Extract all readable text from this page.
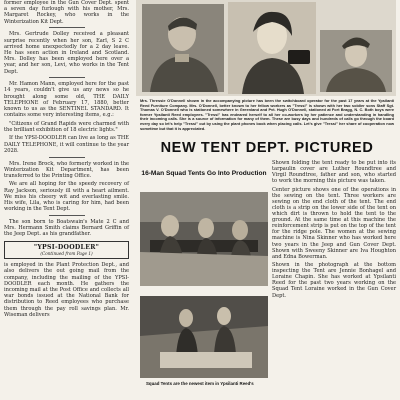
former employee in the Gun Cover Dept. spent a seven day furlough with his mother, Mrs. Margaret Rockey, who works in the Winterization Kit Dept.

Mrs. Gertrude Dolley received a pleasant surprise recently when her son, Earl, S 2 C arrived home unexpectedly for a 2 day leave. He has seen action in Ireland and Scotland. Mrs. Dolley has been employed here over a year, and her son, Levi, who works in the Tent Dept.

Mr. Hamon Mann, employed here for the past 14 years, couldn't give us any news so he brought along some old, THE DAILY TELEPHONE of February 17, 1880, better known to us as the SENTINEL STANDARD. It contains some very interesting items, e.g.:

"Citizens of Grand Rapids were charmed with the brilliant exhibition of 18 electric lights."

If the YPSI-DOODLER can live as long as THE DAILY TELEPHONE, it will continue to the year 2028.

Mrs. Irene Brock, who formerly worked in the Winterization Kit Department, has been transferred to the Printing Office.

We are all hoping for the speedy recovery of Ray Jackson, seriously ill with a heart ailment. We miss his cheery wit and everlasting smile. His wife, Lila, who is caring for him, had been working in the Tent Dept.

The son born to Boatswain's Mate 2 C and Mrs. Hermann Smith claims Bernard Griffin of the Jeep Dept. as his grandfather.

"YPSI-DOODLER"
(Continued from Page 1)

is employed in the Plant Protection Dept., and also delivers the out going mail from the company, including the mailing of the YPSI-DOODLER each month. He gathers the incoming mail at the Post Office and collects all war bonds issued at the National Bank for distribution to Reed employees who purchase them through the pay roll savings plan. Mr. Wiseman delivers

Mrs. Thressie O'Donnell shown in the accompanying picture has been the switchboard operator for the past 17 years at the Ypsilanti Reed Furniture Company. Mrs. O'Donnell, better known to her fellow workers as "Tressi" is shown with her two soldier sons Staff Sgt. Thomas V. O'Donnell who is stationed somewhere in Greenland and Pvt. Hugh O'Donnell, stationed at Fort Bragg, N. C. Both boys were former Ypsilanti Reed employees. "Tressi" has endeared herself to all her co-workers by her patience and understanding in handling their incoming calls. She is a source of information for many of them. These are busy days and hundreds of calls go through the board every day so let's help "Tressi" out by using the plant phones book when placing calls. Let's give "Tressi" her share of cooperation now sometime but that it is appreciated.
NEW TENT DEPT. PICTURED
16-Man Squad Tents Go Into Production
Squad Tents are the newest item in Ypsilanti Reed's

Shown folding the tent ready to be put into its tarpaulin cover are Luther Roundtree and Virgil Roundtree, father and son, who started to work the morning this picture was taken.

Center picture shows one of the operations in the sewing on the tent. Three workers are sewing on the end cloth of the tent. The end cloth is a strip on the lower side of the tent on which dirt is thrown to hold the tent to the ground. At the same time at this machine the reinforcement strip is put on the top of the tent for the ridge pole. The women at the sewing machine is Nina Skinner who has worked here two years in the Jeep and Gun Cover Dept. Shown with Sweeny Skinner are Iva Houghton and Edna Bowerman.

Shown in the photograph at the bottom inspecting the Tent are Jennie Bonhagel and Loraine Chapin. She has worked at Ypsilanti Reed for the past two years working on the Squad Tent Loraine worked in the Gun Cover Dept.
